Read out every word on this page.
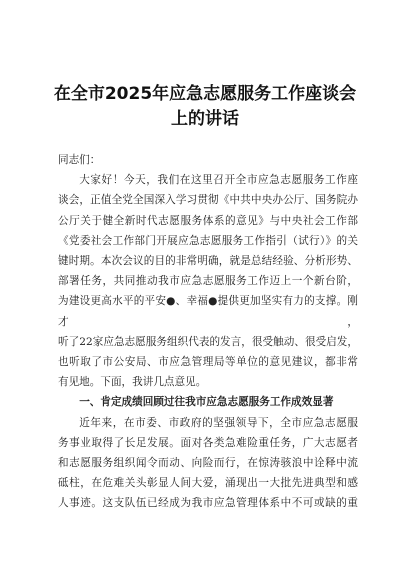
在全市2025年应急志愿服务工作座谈会
上的讲话

同志们：

大家好！今天，我们在这里召开全市应急志愿服务工作座

谈会，正值全党全国深入学习贯彻《中共中央办公厅、国务院办

公厅关于健全新时代志愿服务体系的意见》与中央社会工作部

《党委社会工作部门开展应急志愿服务工作指引（试行）》的关

键时期。本次会议的目的非常明确，就是总结经验、分析形势、

部署任务，共同推动我市应急志愿服务工作迈上一个新台阶，

为建设更高水平的平安●、幸福●提供更加坚实有力的支撑。刚才，

听了22家应急志愿服务组织代表的发言，很受触动、很受启发，

也听取了市公安局、市应急管理局等单位的意见建议，都非常

有见地。下面，我讲几点意见。

一、肯定成绩回顾过往我市应急志愿服务工作成效显著

近年来，在市委、市政府的坚强领导下，全市应急志愿服

务事业取得了长足发展。面对各类急难险重任务，广大志愿者

和志愿服务组织闻令而动、向险而行，在惊涛骇浪中诠释中流

砥柱，在危难关头彰显人间大爱，涌现出一大批先进典型和感

人事迹。这支队伍已经成为我市应急管理体系中不可或缺的重
